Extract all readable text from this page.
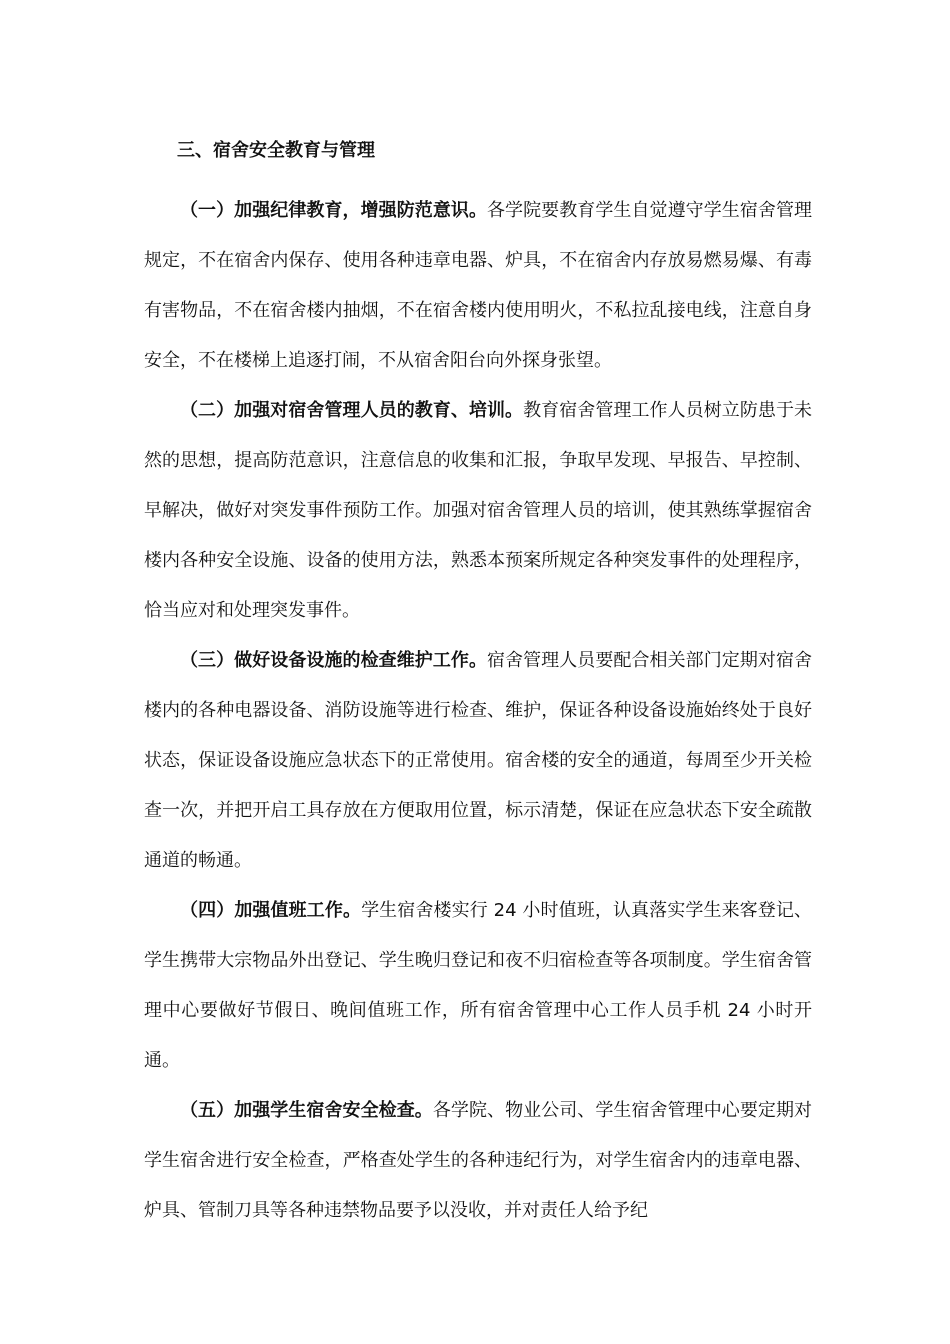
三、宿舍安全教育与管理

（一）加强纪律教育，增强防范意识。各学院要教育学生自觉遵守学生宿舍管理规定，不在宿舍内保存、使用各种违章电器、炉具，不在宿舍内存放易燃易爆、有毒有害物品，不在宿舍楼内抽烟，不在宿舍楼内使用明火，不私拉乱接电线，注意自身安全，不在楼梯上追逐打闹，不从宿舍阳台向外探身张望。

（二）加强对宿舍管理人员的教育、培训。教育宿舍管理工作人员树立防患于未然的思想，提高防范意识，注意信息的收集和汇报，争取早发现、早报告、早控制、早解决，做好对突发事件预防工作。加强对宿舍管理人员的培训，使其熟练掌握宿舍楼内各种安全设施、设备的使用方法，熟悉本预案所规定各种突发事件的处理程序，恰当应对和处理突发事件。

（三）做好设备设施的检查维护工作。宿舍管理人员要配合相关部门定期对宿舍楼内的各种电器设备、消防设施等进行检查、维护，保证各种设备设施始终处于良好状态，保证设备设施应急状态下的正常使用。宿舍楼的安全的通道，每周至少开关检查一次，并把开启工具存放在方便取用位置，标示清楚，保证在应急状态下安全疏散通道的畅通。

（四）加强值班工作。学生宿舍楼实行 24 小时值班，认真落实学生来客登记、学生携带大宗物品外出登记、学生晚归登记和夜不归宿检查等各项制度。学生宿舍管理中心要做好节假日、晚间值班工作，所有宿舍管理中心工作人员手机 24 小时开通。

（五）加强学生宿舍安全检查。各学院、物业公司、学生宿舍管理中心要定期对学生宿舍进行安全检查，严格查处学生的各种违纪行为，对学生宿舍内的违章电器、炉具、管制刀具等各种违禁物品要予以没收，并对责任人给予纪
